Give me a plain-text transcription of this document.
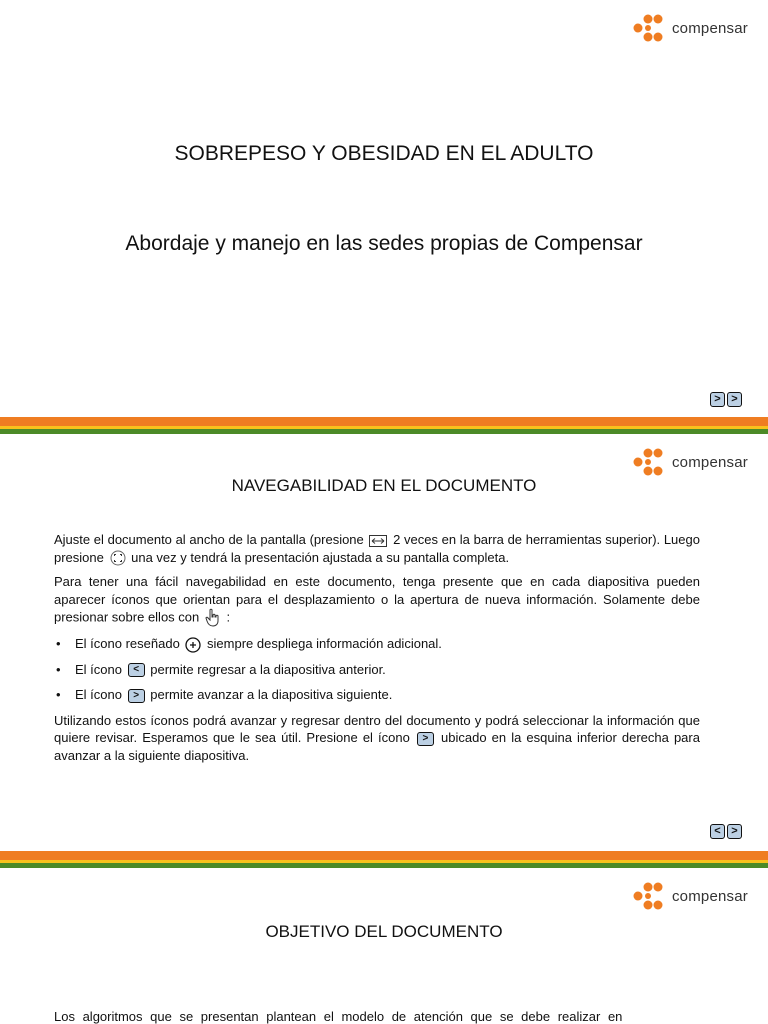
compensar
SOBREPESO Y OBESIDAD EN EL ADULTO
Abordaje y manejo en las sedes propias de Compensar
> >
compensar
NAVEGABILIDAD EN EL DOCUMENTO

Ajuste el documento al ancho de la pantalla (presione 2 veces en la barra de herramientas superior). Luego presione una vez y tendrá la presentación ajustada a su pantalla completa.

Para tener una fácil navegabilidad en este documento, tenga presente que en cada diapositiva pueden aparecer íconos que orientan para el desplazamiento o la apertura de nueva información. Solamente debe presionar sobre ellos con :

• El ícono reseñado siempre despliega información adicional.
• El ícono < permite regresar a la diapositiva anterior.
• El ícono > permite avanzar a la diapositiva siguiente.

Utilizando estos íconos podrá avanzar y regresar dentro del documento y podrá seleccionar la información que quiere revisar. Esperamos que le sea útil. Presione el ícono > ubicado en la esquina inferior derecha para avanzar a la siguiente diapositiva.

< >
compensar
OBJETIVO DEL DOCUMENTO
Los algoritmos que se presentan plantean el modelo de atención que se debe realizar en
